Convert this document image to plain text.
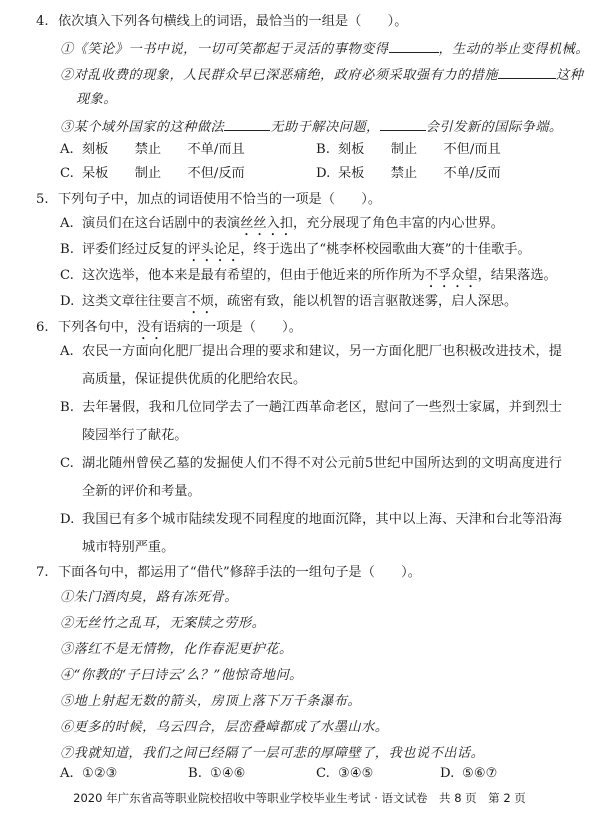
4. 依次填入下列各句横线上的词语，最恰当的一组是（　　）。
①《笑论》一书中说，一切可笑都起于灵活的事物变得	，生动的举止变得机械。
②对乱收费的现象，人民群众早已深恶痛绝，政府必须采取强有力的措施	这种
现象。
③某个域外国家的这种做法	无助于解决问题，	会引发新的国际争端。
A. 刻板　　禁止　　不单/而且	B. 刻板　　制止　　不但/而且
C. 呆板　　制止　　不但/反而	D. 呆板　　禁止　　不单/反而
5. 下列句子中，加点的词语使用不恰当的一项是（　　）。
A. 演员们在这台话剧中的表演丝丝入扣，充分展现了角色丰富的内心世界。
B. 评委们经过反复的评头论足，终于选出了“桃李杯校园歌曲大赛”的十佳歌手。
C. 这次选举，他本来是最有希望的，但由于他近来的所作所为不孚众望，结果落选。
D. 这类文章往往要言不烦，疏密有致，能以机智的语言驱散迷雾，启人深思。
6. 下列各句中，没有语病的一项是（　　）。
A. 农民一方面向化肥厂提出合理的要求和建议，另一方面化肥厂也积极改进技术，提高质量，保证提供优质的化肥给农民。
B. 去年暑假，我和几位同学去了一趟江西革命老区，慰问了一些烈士家属，并到烈士陵园举行了献花。
C. 湖北随州曾侯乙墓的发掘使人们不得不对公元前5世纪中国所达到的文明高度进行全新的评价和考量。
D. 我国已有多个城市陆续发现不同程度的地面沉降，其中以上海、天津和台北等沿海城市特别严重。
7. 下面各句中，都运用了“借代”修辞手法的一组句子是（　　）。
①朱门酒肉臭，路有冻死骨。
②无丝竹之乱耳，无案牍之劳形。
③落红不是无情物，化作春泥更护花。
④“你教的‘子曰诗云’么？”他惊奇地问。
⑤地上射起无数的箭头，房顶上落下万千条瀑布。
⑥更多的时候，乌云四合，层峦叠嶂都成了水墨山水。
⑦我就知道，我们之间已经隔了一层可悲的厚障壁了，我也说不出话。
A. ①②③	B. ①④⑥	C. ③④⑤	D. ⑤⑥⑦
2020 年广东省高等职业院校招收中等职业学校毕业生考试 · 语文试卷　共 8 页　第 2 页
